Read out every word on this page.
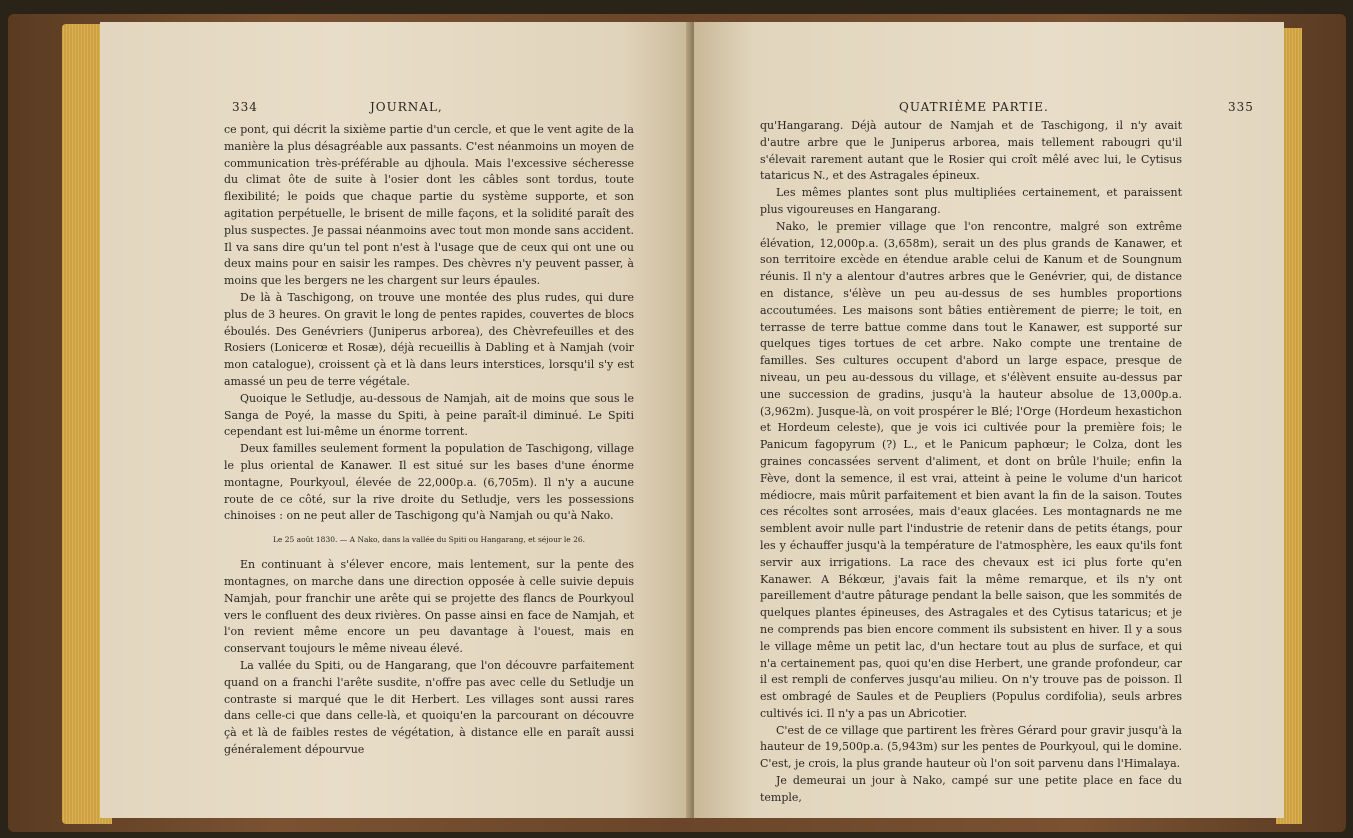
334	JOURNAL,

ce pont, qui décrit la sixième partie d'un cercle, et que le vent agite de la manière la plus désagréable aux passants. C'est néanmoins un moyen de communication très-préférable au djhoula. Mais l'excessive sécheresse du climat ôte de suite à l'osier dont les câbles sont tordus, toute flexibilité; le poids que chaque partie du système supporte, et son agitation perpétuelle, le brisent de mille façons, et la solidité paraît des plus suspectes. Je passai néanmoins avec tout mon monde sans accident. Il va sans dire qu'un tel pont n'est à l'usage que de ceux qui ont une ou deux mains pour en saisir les rampes. Des chèvres n'y peuvent passer, à moins que les bergers ne les chargent sur leurs épaules.

De là à Taschigong, on trouve une montée des plus rudes, qui dure plus de 3 heures. On gravit le long de pentes rapides, couvertes de blocs éboulés. Des Genévriers (Juniperus arborea), des Chèvrefeuilles et des Rosiers (Lonicerœ et Rosæ), déjà recueillis à Dabling et à Namjah (voir mon catalogue), croissent çà et là dans leurs interstices, lorsqu'il s'y est amassé un peu de terre végétale.

Quoique le Setludje, au-dessous de Namjah, ait de moins que sous le Sanga de Poyé, la masse du Spiti, à peine paraît-il diminué. Le Spiti cependant est lui-même un énorme torrent.

Deux familles seulement forment la population de Taschigong, village le plus oriental de Kanawer. Il est situé sur les bases d'une énorme montagne, Pourkyoul, élevée de 22,000p.a. (6,705m). Il n'y a aucune route de ce côté, sur la rive droite du Setludje, vers les possessions chinoises : on ne peut aller de Taschigong qu'à Namjah ou qu'à Nako.

Le 25 août 1830. — A Nako, dans la vallée du Spiti ou Hangarang, et séjour le 26.

En continuant à s'élever encore, mais lentement, sur la pente des montagnes, on marche dans une direction opposée à celle suivie depuis Namjah, pour franchir une arête qui se projette des flancs de Pourkyoul vers le confluent des deux rivières. On passe ainsi en face de Namjah, et l'on revient même encore un peu davantage à l'ouest, mais en conservant toujours le même niveau élevé.

La vallée du Spiti, ou de Hangarang, que l'on découvre parfaitement quand on a franchi l'arête susdite, n'offre pas avec celle du Setludje un contraste si marqué que le dit Herbert. Les villages sont aussi rares dans celle-ci que dans celle-là, et quoiqu'en la parcourant on découvre çà et là de faibles restes de végétation, à distance elle en paraît aussi généralement dépourvue

QUATRIÈME PARTIE.	335

qu'Hangarang. Déjà autour de Namjah et de Taschigong, il n'y avait d'autre arbre que le Juniperus arborea, mais tellement rabougri qu'il s'élevait rarement autant que le Rosier qui croît mêlé avec lui, le Cytisus tataricus N., et des Astragales épineux.

Les mêmes plantes sont plus multipliées certainement, et paraissent plus vigoureuses en Hangarang.

Nako, le premier village que l'on rencontre, malgré son extrême élévation, 12,000p.a. (3,658m), serait un des plus grands de Kanawer, et son territoire excède en étendue arable celui de Kanum et de Soungnum réunis. Il n'y a alentour d'autres arbres que le Genévrier, qui, de distance en distance, s'élève un peu au-dessus de ses humbles proportions accoutumées. Les maisons sont bâties entièrement de pierre; le toit, en terrasse de terre battue comme dans tout le Kanawer, est supporté sur quelques tiges tortues de cet arbre. Nako compte une trentaine de familles. Ses cultures occupent d'abord un large espace, presque de niveau, un peu au-dessous du village, et s'élèvent ensuite au-dessus par une succession de gradins, jusqu'à la hauteur absolue de 13,000p.a. (3,962m). Jusque-là, on voit prospérer le Blé; l'Orge (Hordeum hexastichon et Hordeum celeste), que je vois ici cultivée pour la première fois; le Panicum fagopyrum (?) L., et le Panicum paphœur; le Colza, dont les graines concassées servent d'aliment, et dont on brûle l'huile; enfin la Fève, dont la semence, il est vrai, atteint à peine le volume d'un haricot médiocre, mais mûrit parfaitement et bien avant la fin de la saison. Toutes ces récoltes sont arrosées, mais d'eaux glacées. Les montagnards ne me semblent avoir nulle part l'industrie de retenir dans de petits étangs, pour les y échauffer jusqu'à la température de l'atmosphère, les eaux qu'ils font servir aux irrigations. La race des chevaux est ici plus forte qu'en Kanawer. A Békœur, j'avais fait la même remarque, et ils n'y ont pareillement d'autre pâturage pendant la belle saison, que les sommités de quelques plantes épineuses, des Astragales et des Cytisus tataricus; et je ne comprends pas bien encore comment ils subsistent en hiver. Il y a sous le village même un petit lac, d'un hectare tout au plus de surface, et qui n'a certainement pas, quoi qu'en dise Herbert, une grande profondeur, car il est rempli de conferves jusqu'au milieu. On n'y trouve pas de poisson. Il est ombragé de Saules et de Peupliers (Populus cordifolia), seuls arbres cultivés ici. Il n'y a pas un Abricotier.

C'est de ce village que partirent les frères Gérard pour gravir jusqu'à la hauteur de 19,500p.a. (5,943m) sur les pentes de Pourkyoul, qui le domine. C'est, je crois, la plus grande hauteur où l'on soit parvenu dans l'Himalaya.

Je demeurai un jour à Nako, campé sur une petite place en face du temple,
